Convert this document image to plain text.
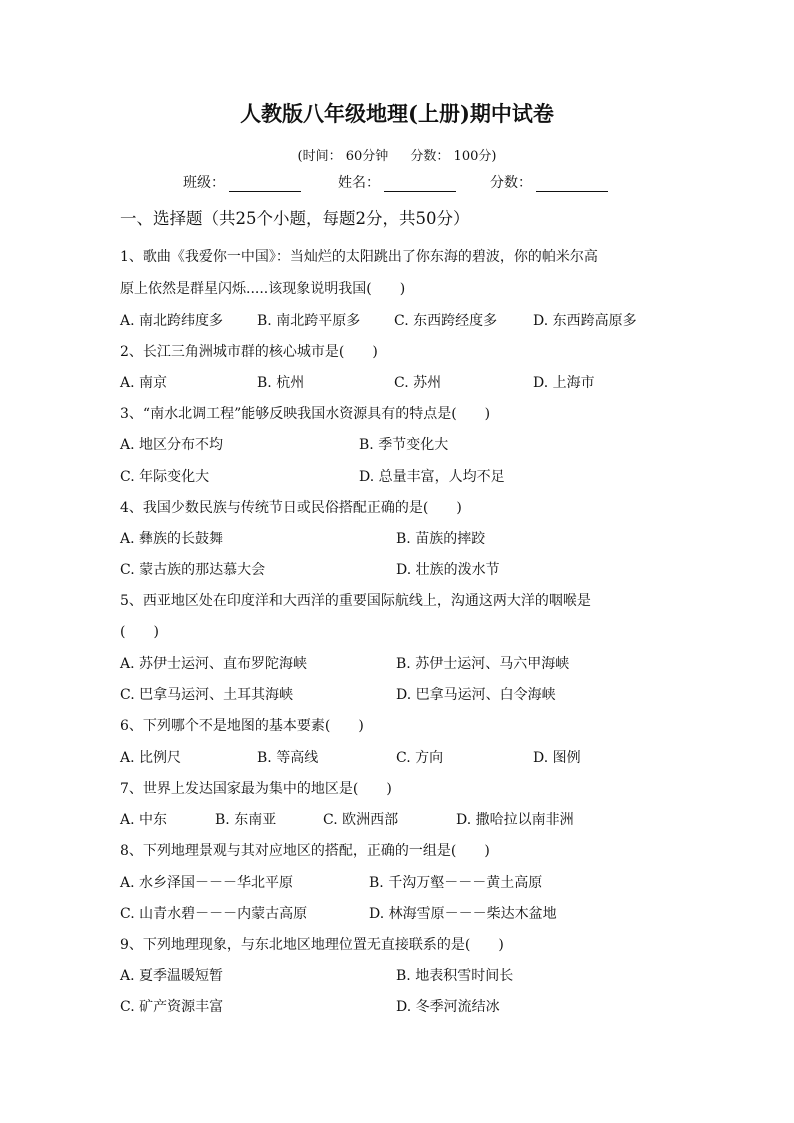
人教版八年级地理(上册)期中试卷
(时间： 60分钟 分数： 100分)
班级：	姓名：	分数：
一、选择题（共25个小题，每题2分，共50分）
1、歌曲《我爱你一中国》：当灿烂的太阳跳出了你东海的碧波，你的帕米尔高
原上依然是群星闪烁.....该现象说明我国(　　)
A. 南北跨纬度多 B. 南北跨平原多 C. 东西跨经度多	D. 东西跨高原多
2、长江三角洲城市群的核心城市是(　　)
A. 南京	B. 杭州	C. 苏州	D. 上海市
3、“南水北调工程”能够反映我国水资源具有的特点是(　　)
A. 地区分布不均	B. 季节变化大
C. 年际变化大	D. 总量丰富，人均不足
4、我国少数民族与传统节日或民俗搭配正确的是(　　)
A. 彝族的长鼓舞	B. 苗族的摔跤
C. 蒙古族的那达慕大会	D. 壮族的泼水节
5、西亚地区处在印度洋和大西洋的重要国际航线上，沟通这两大洋的咽喉是
(　　)
A. 苏伊士运河、直布罗陀海峡	B. 苏伊士运河、马六甲海峡
C. 巴拿马运河、土耳其海峡	D. 巴拿马运河、白令海峡
6、下列哪个不是地图的基本要素(　　)
A. 比例尺	B. 等高线	C. 方向	D. 图例
7、世界上发达国家最为集中的地区是(　　)
A. 中东	B. 东南亚	C. 欧洲西部	D. 撒哈拉以南非洲
8、下列地理景观与其对应地区的搭配，正确的一组是(　　)
A. 水乡泽国－－－华北平原	B. 千沟万壑－－－黄土高原
C. 山青水碧－－－内蒙古高原	D. 林海雪原－－－柴达木盆地
9、下列地理现象，与东北地区地理位置无直接联系的是(　　)
A. 夏季温暖短暂	B. 地表积雪时间长
C. 矿产资源丰富	D. 冬季河流结冰
